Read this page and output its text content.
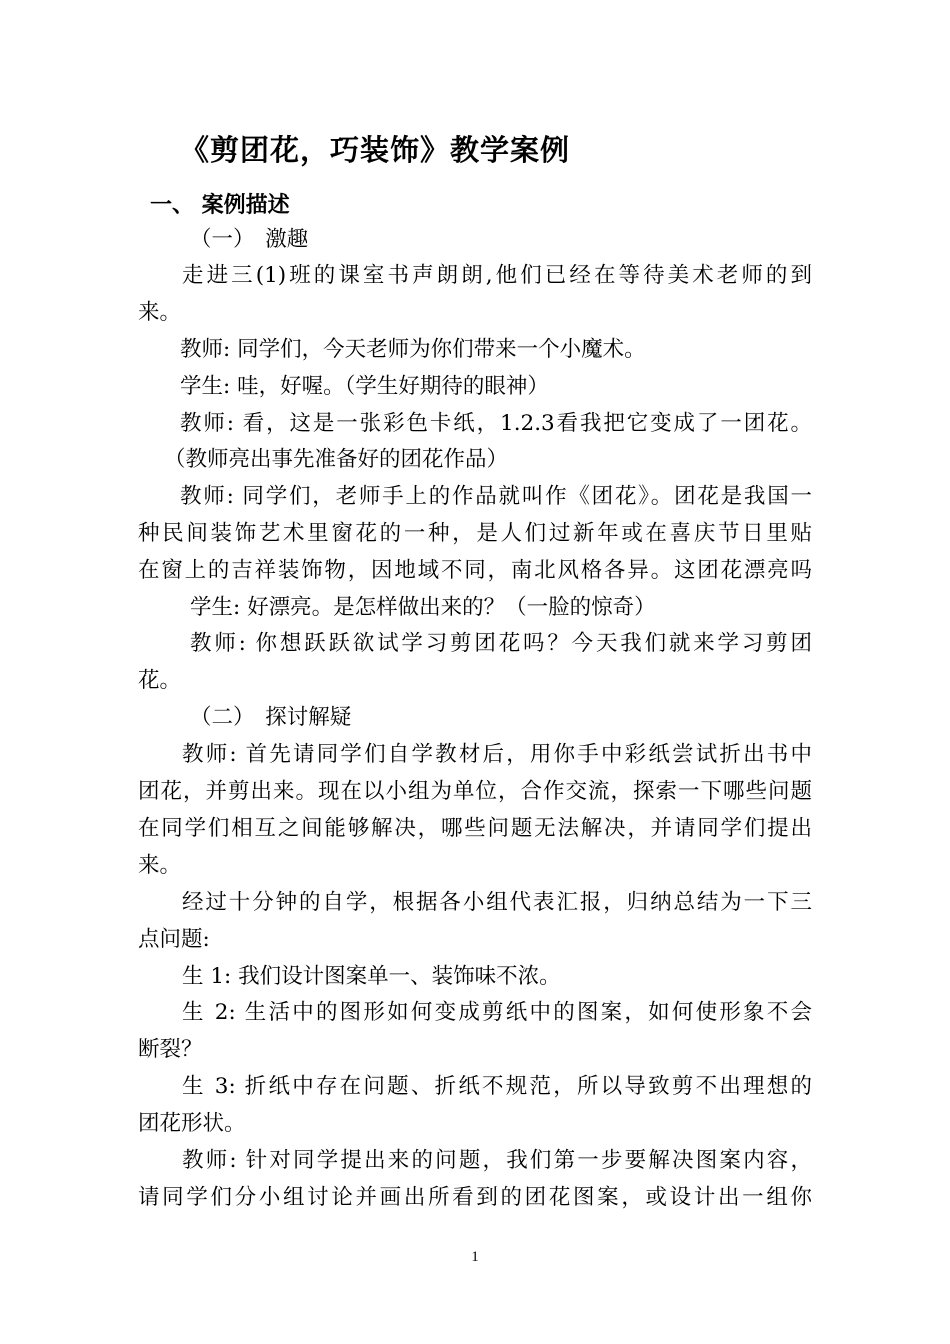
《剪团花，巧装饰》教学案例
一、 案例描述
（一）　激趣
走进三(1)班的课室书声朗朗,他们已经在等待美术老师的到
来。
教师: 同学们，今天老师为你们带来一个小魔术。
学生: 哇，好喔。（学生好期待的眼神）
教师: 看，这是一张彩色卡纸，1.2.3看我把它变成了一团花。
（教师亮出事先准备好的团花作品）
教师: 同学们，老师手上的作品就叫作《团花》。团花是我国一
种民间装饰艺术里窗花的一种，是人们过新年或在喜庆节日里贴
在窗上的吉祥装饰物，因地域不同，南北风格各异。这团花漂亮吗
学生: 好漂亮。是怎样做出来的？（一脸的惊奇）
教师: 你想跃跃欲试学习剪团花吗？今天我们就来学习剪团
花。
（二）　探讨解疑
教师: 首先请同学们自学教材后，用你手中彩纸尝试折出书中
团花，并剪出来。现在以小组为单位，合作交流，探索一下哪些问题
在同学们相互之间能够解决，哪些问题无法解决，并请同学们提出
来。
经过十分钟的自学，根据各小组代表汇报，归纳总结为一下三
点问题:
生 1: 我们设计图案单一、装饰味不浓。
生 2: 生活中的图形如何变成剪纸中的图案，如何使形象不会
断裂？
生 3: 折纸中存在问题、折纸不规范，所以导致剪不出理想的
团花形状。
教师: 针对同学提出来的问题，我们第一步要解决图案内容，
请同学们分小组讨论并画出所看到的团花图案，或设计出一组你
1
